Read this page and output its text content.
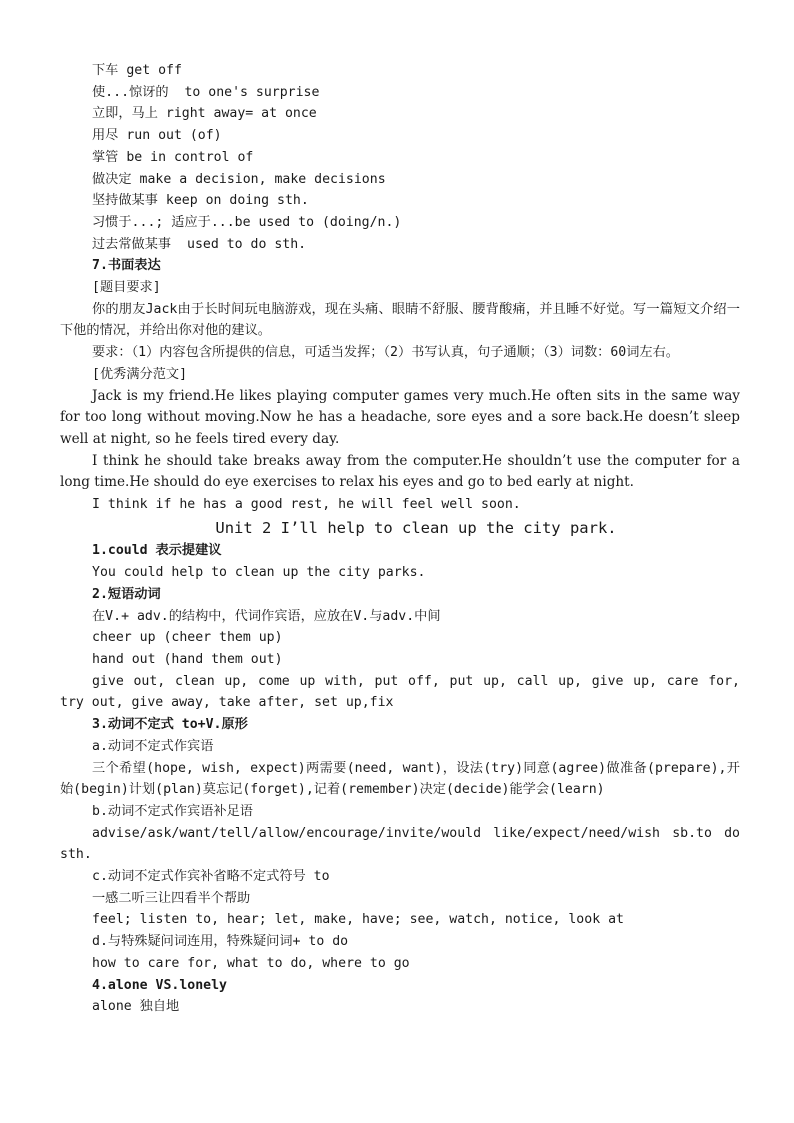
下车 get off
使...惊讶的  to one's surprise
立即，马上 right away= at once
用尽 run out (of)
掌管 be in control of
做决定 make a decision, make decisions
坚持做某事 keep on doing sth.
习惯于...; 适应于...be used to (doing/n.)
过去常做某事  used to do sth.
7.书面表达
[题目要求]
你的朋友Jack由于长时间玩电脑游戏，现在头痛、眼睛不舒服、腰背酸痛，并且睡不好觉。写一篇短文介绍一下他的情况，并给出你对他的建议。
要求：（1）内容包含所提供的信息，可适当发挥；（2）书写认真，句子通顺；（3）词数：60词左右。
[优秀满分范文]
Jack is my friend.He likes playing computer games very much.He often sits in the same way for too long without moving.Now he has a headache, sore eyes and a sore back.He doesn’t sleep well at night, so he feels tired every day.
I think he should take breaks away from the computer.He shouldn’t use the computer for a long time.He should do eye exercises to relax his eyes and go to bed early at night.
I think if he has a good rest, he will feel well soon.
Unit 2 I’ll help to clean up the city park.
1.could 表示提建议
You could help to clean up the city parks.
2.短语动词
在V.+ adv.的结构中，代词作宾语，应放在V.与adv.中间
cheer up (cheer them up)
hand out (hand them out)
give out, clean up, come up with, put off, put up, call up, give up, care for, try out, give away, take after, set up,fix
3.动词不定式 to+V.原形
a.动词不定式作宾语
三个希望(hope, wish, expect)两需要(need, want)，设法(try)同意(agree)做准备(prepare),开始(begin)计划(plan)莫忘记(forget),记着(remember)决定(decide)能学会(learn)
b.动词不定式作宾语补足语
advise/ask/want/tell/allow/encourage/invite/would like/expect/need/wish sb.to do sth.
c.动词不定式作宾补省略不定式符号 to
一感二听三让四看半个帮助
feel; listen to, hear; let, make, have; see, watch, notice, look at
d.与特殊疑问词连用，特殊疑问词+ to do
how to care for, what to do, where to go
4.alone VS.lonely
alone 独自地
